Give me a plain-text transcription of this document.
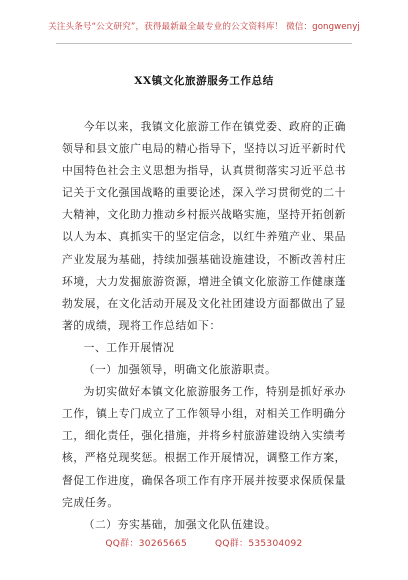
关注头条号“公文研究”，获得最新最全最专业的公文资料库！ 微信：gongwenyj
XX镇文化旅游服务工作总结

今年以来，我镇文化旅游工作在镇党委、政府的正确领导和县文旅广电局的精心指导下，坚持以习近平新时代中国特色社会主义思想为指导，认真贯彻落实习近平总书记关于文化强国战略的重要论述，深入学习贯彻党的二十大精神，文化助力推动乡村振兴战略实施，坚持开拓创新以人为本、真抓实干的坚定信念，以红牛养殖产业、果品产业发展为基础，持续加强基础设施建设，不断改善村庄环境，大力发掘旅游资源，增进全镇文化旅游工作健康蓬勃发展，在文化活动开展及文化社团建设方面都做出了显著的成绩，现将工作总结如下：

一、工作开展情况

（一）加强领导，明确文化旅游职责。

为切实做好本镇文化旅游服务工作，特别是抓好承办工作，镇上专门成立了工作领导小组，对相关工作明确分工，细化责任，强化措施，并将乡村旅游建设纳入实绩考核，严格兑现奖惩。根据工作开展情况，调整工作方案，督促工作进度，确保各项工作有序开展并按要求保质保量完成任务。

（二）夯实基础，加强文化队伍建设。

QQ群：30265665	QQ群：535304092
